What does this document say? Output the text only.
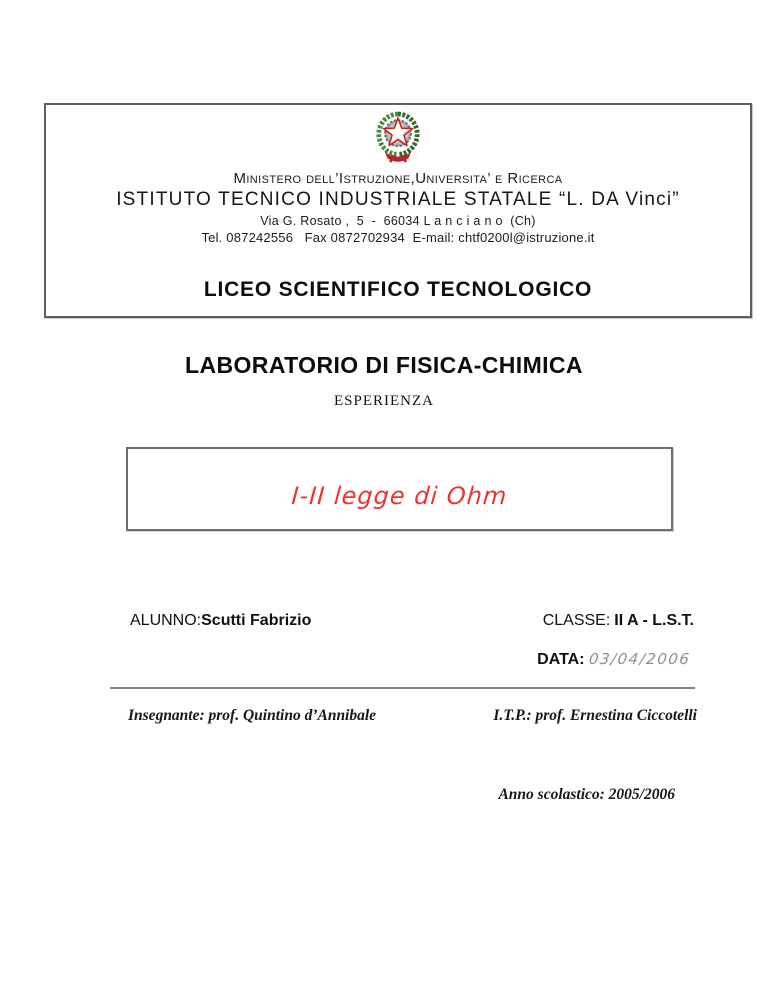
Ministero dell’Istruzione,Universita’ e Ricerca
ISTITUTO TECNICO INDUSTRIALE STATALE “L. DA Vinci”
Via G. Rosato ,  5  -  66034 L a n c i a n o  (Ch)
Tel. 087242556   Fax 0872702934  E-mail: chtf0200l@istruzione.it
LICEO SCIENTIFICO TECNOLOGICO
LABORATORIO DI FISICA-CHIMICA
ESPERIENZA
I-II legge di Ohm
ALUNNO:Scutti Fabrizio	CLASSE: II A - L.S.T.
DATA: 03/04/2006
Insegnante: prof. Quintino d’Annibale	I.T.P.: prof. Ernestina Ciccotelli
Anno scolastico: 2005/2006
